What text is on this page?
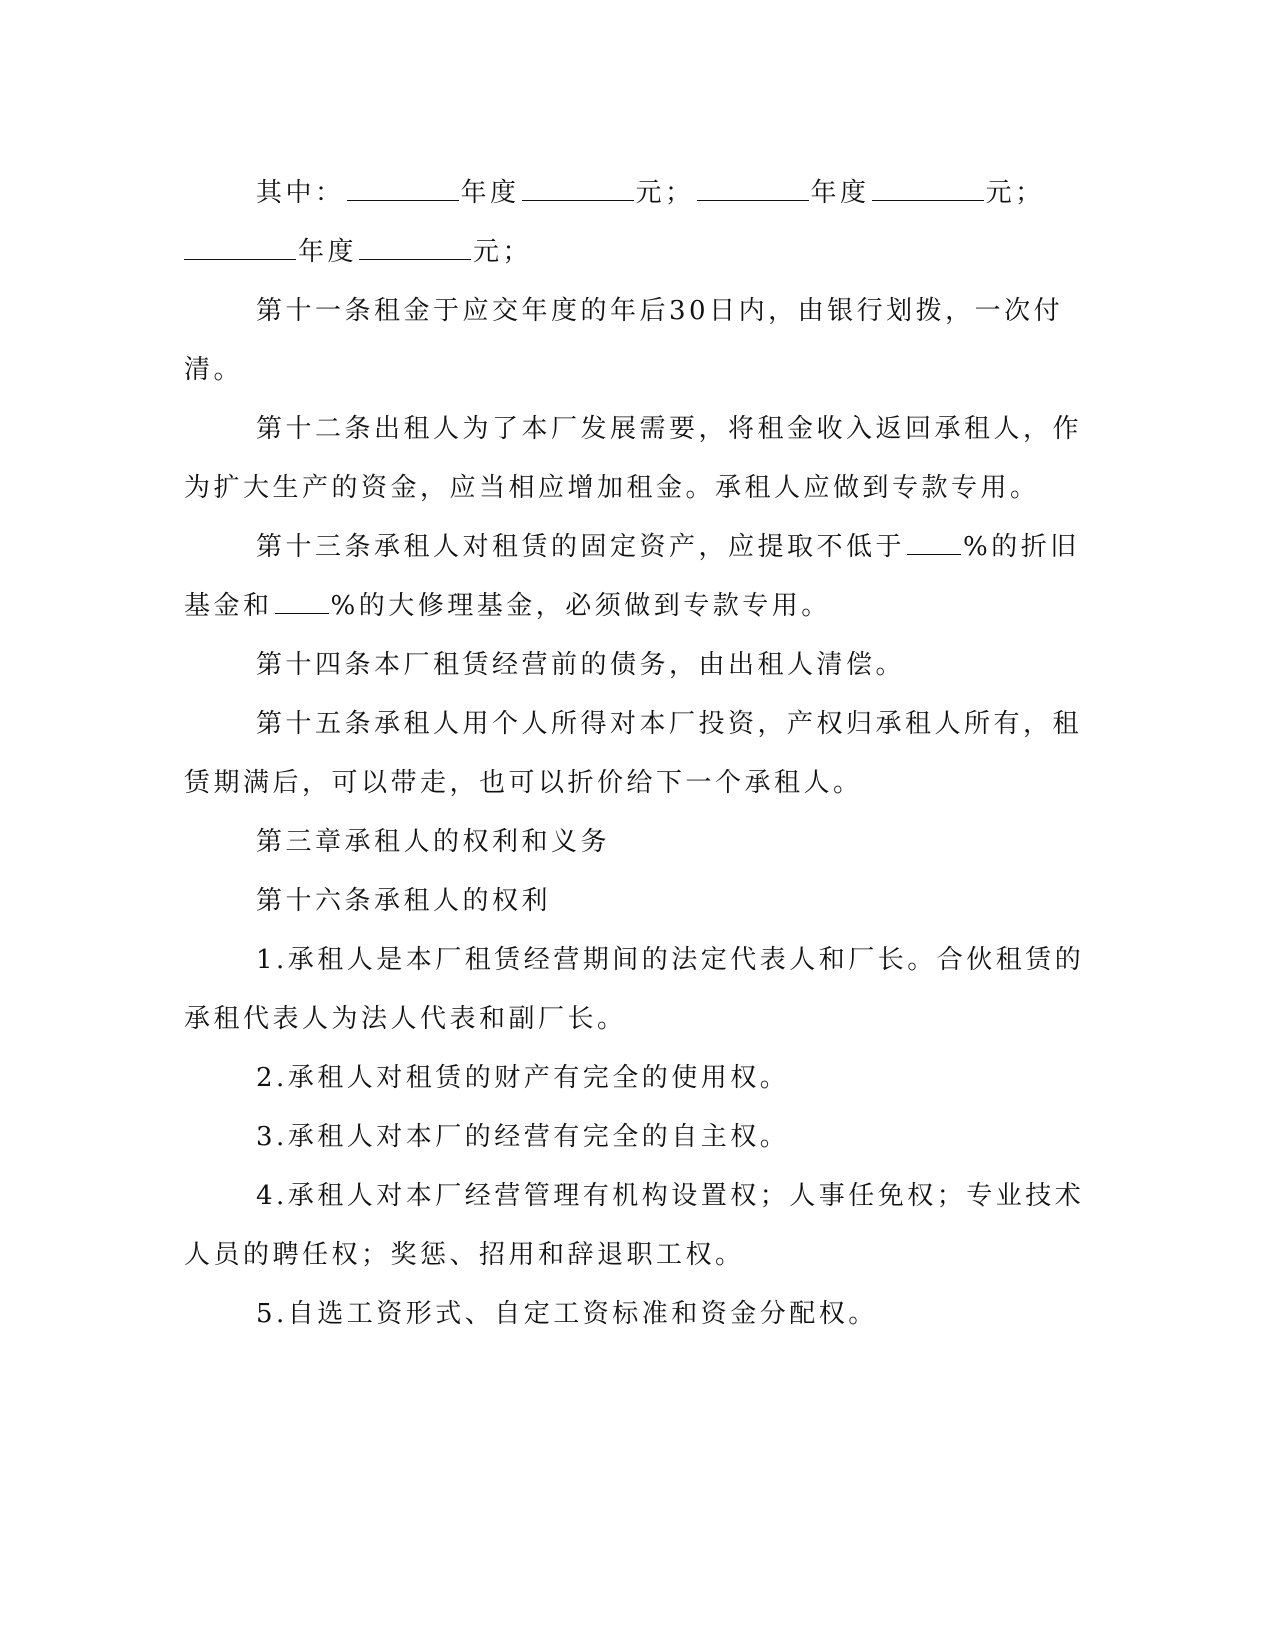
其中：	年度	元；	年度	元；
年度	元；
第十一条租金于应交年度的年后30日内，由银行划拨，一次付
清。
第十二条出租人为了本厂发展需要，将租金收入返回承租人，作
为扩大生产的资金，应当相应增加租金。承租人应做到专款专用。
第十三条承租人对租赁的固定资产，应提取不低于 %的折旧
基金和 %的大修理基金，必须做到专款专用。
第十四条本厂租赁经营前的债务，由出租人清偿。
第十五条承租人用个人所得对本厂投资，产权归承租人所有，租
赁期满后，可以带走，也可以折价给下一个承租人。
第三章承租人的权利和义务
第十六条承租人的权利
1.承租人是本厂租赁经营期间的法定代表人和厂长。合伙租赁的
承租代表人为法人代表和副厂长。
2.承租人对租赁的财产有完全的使用权。
3.承租人对本厂的经营有完全的自主权。
4.承租人对本厂经营管理有机构设置权；人事任免权；专业技术
人员的聘任权；奖惩、招用和辞退职工权。
5.自选工资形式、自定工资标准和资金分配权。
